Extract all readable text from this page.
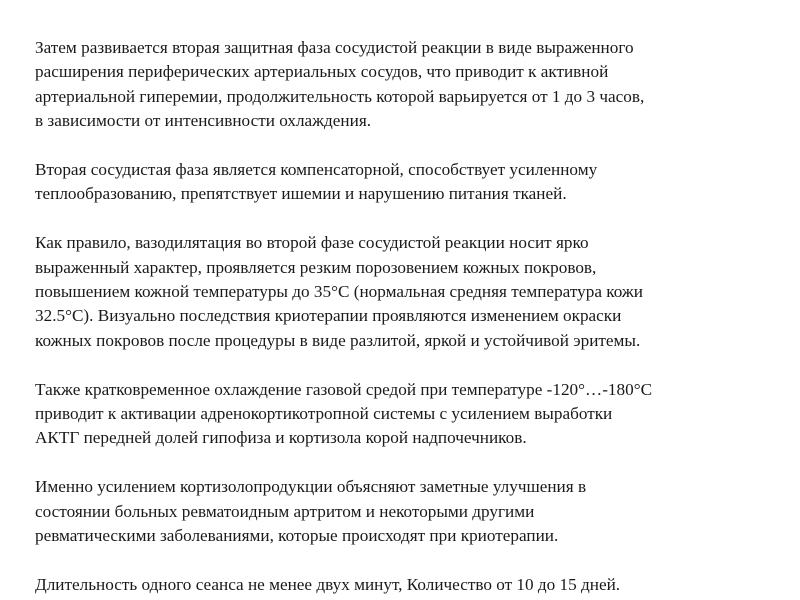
Затем развивается вторая защитная фаза сосудистой реакции в виде выраженного
расширения периферических артериальных сосудов, что приводит к активной
артериальной гиперемии, продолжительность которой варьируется от 1 до 3 часов,
в зависимости от интенсивности охлаждения.

Вторая сосудистая фаза является компенсаторной, способствует усиленному
теплообразованию, препятствует ишемии и нарушению питания тканей.

Как правило, вазодилятация во второй фазе сосудистой реакции носит ярко
выраженный характер, проявляется резким порозовением кожных покровов,
повышением кожной температуры до 35°С (нормальная средняя температура кожи
32.5°С). Визуально последствия криотерапии проявляются изменением окраски
кожных покровов после процедуры в виде разлитой, яркой и устойчивой эритемы.

Также кратковременное охлаждение газовой средой при температуре -120°…-180°С
приводит к активации адренокортикотропной системы с усилением выработки
АКТГ передней долей гипофиза и кортизола корой надпочечников.

Именно усилением кортизолопродукции объясняют заметные улучшения в
состоянии больных ревматоидным артритом и некоторыми другими
ревматическими заболеваниями, которые происходят при криотерапии.

Длительность одного сеанса не менее двух минут, Количество от 10 до 15 дней.
